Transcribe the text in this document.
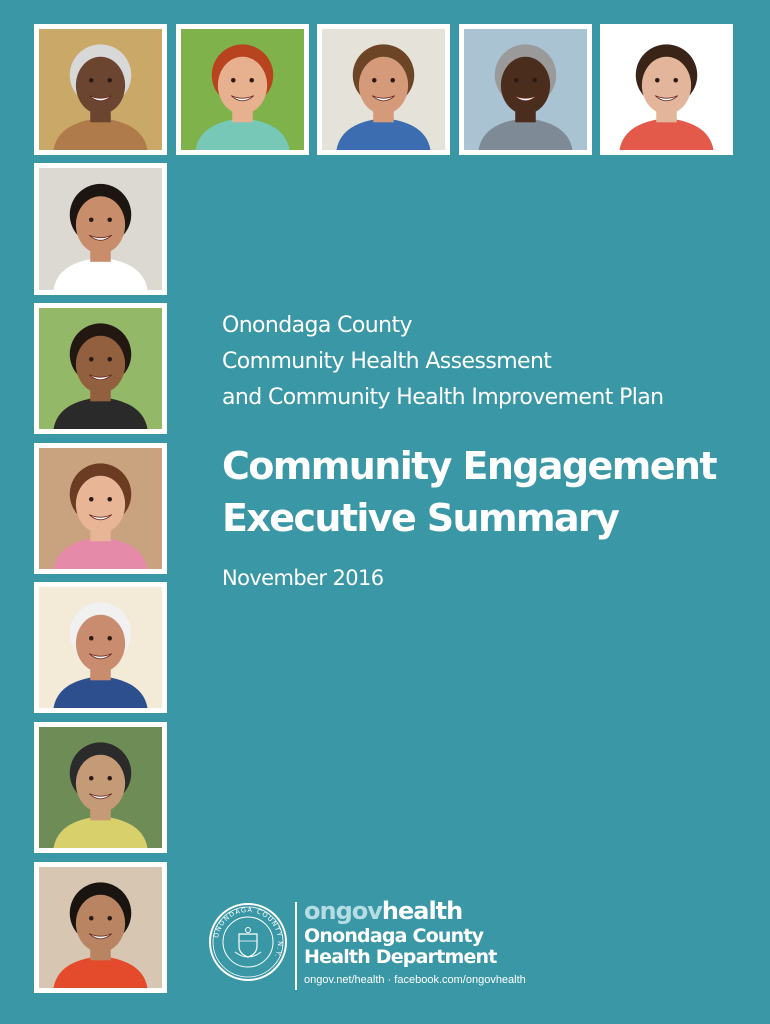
Onondaga County
Community Health Assessment
and Community Health Improvement Plan
Community Engagement
Executive Summary
November 2016
ONONDAGA COUNTY N.Y.
ongovhealth
Onondaga County
Health Department
ongov.net/health · facebook.com/ongovhealth
